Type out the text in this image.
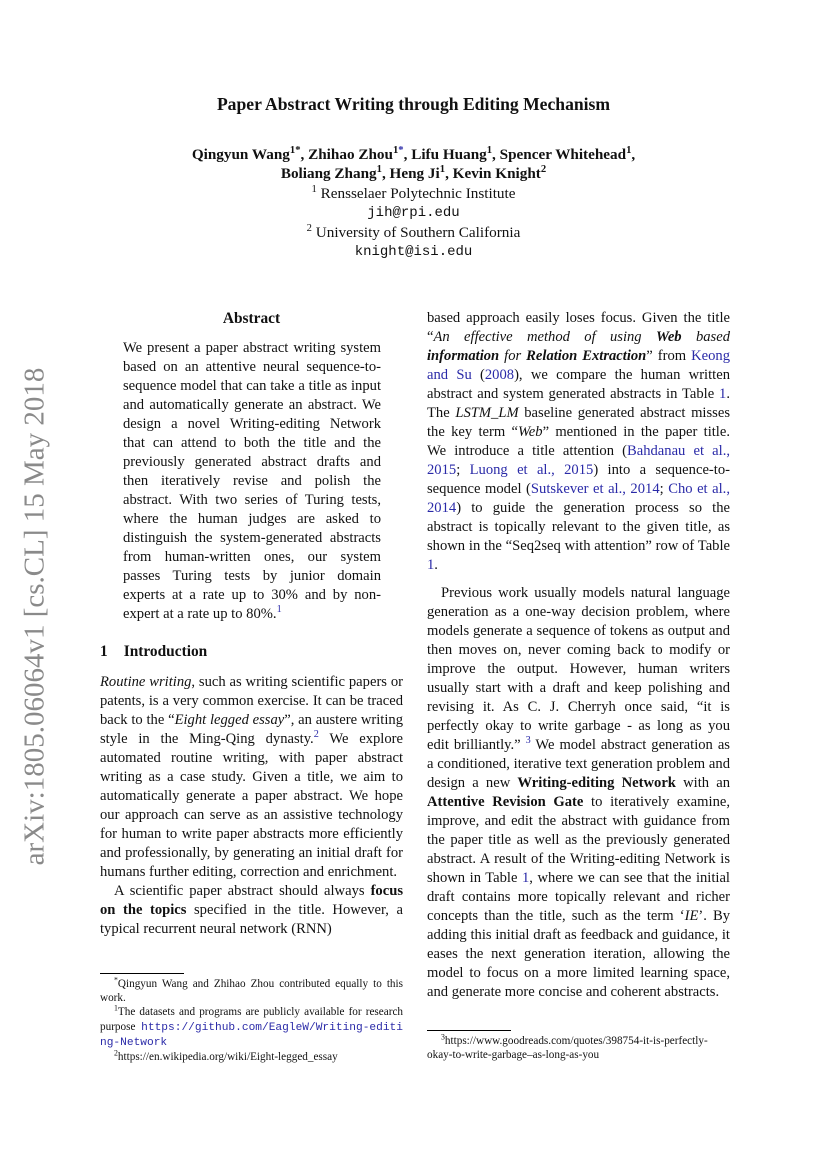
Paper Abstract Writing through Editing Mechanism
arXiv:1805.06064v1 [cs.CL] 15 May 2018
Qingyun Wang$^{1*}$, Zhihao Zhou$^{1*}$, Lifu Huang$^1$, Spencer Whitehead$^1$,
Boliang Zhang$^1$, Heng Ji$^1$, Kevin Knight$^2$
$^1$ Rensselaer Polytechnic Institute
jih@rpi.edu
$^2$ University of Southern California
knight@isi.edu
Abstract

We present a paper abstract writing system based on an attentive neural sequence-to-sequence model that can take a title as input and automatically generate an abstract. We design a novel Writing-editing Network that can attend to both the title and the previously generated abstract drafts and then iteratively revise and polish the abstract. With two series of Turing tests, where the human judges are asked to distinguish the system-generated abstracts from human-written ones, our system passes Turing tests by junior domain experts at a rate up to 30% and by non-expert at a rate up to 80%.$^1$

1 Introduction

Routine writing, such as writing scientific papers or patents, is a very common exercise. It can be traced back to the “Eight legged essay”, an austere writing style in the Ming-Qing dynasty.$^2$ We explore automated routine writing, with paper abstract writing as a case study. Given a title, we aim to automatically generate a paper abstract. We hope our approach can serve as an assistive technology for human to write paper abstracts more efficiently and professionally, by generating an initial draft for humans further editing, correction and enrichment.

A scientific paper abstract should always focus on the topics specified in the title. However, a typical recurrent neural network (RNN)

*Qingyun Wang and Zhihao Zhou contributed equally to this work.

$^1$The datasets and programs are publicly available for research purpose https://github.com/EagleW/Writing-editing-Network

$^2$https://en.wikipedia.org/wiki/Eight-legged_essay

based approach easily loses focus. Given the title “An effective method of using Web based information for Relation Extraction” from Keong and Su (2008), we compare the human written abstract and system generated abstracts in Table 1. The LSTM_LM baseline generated abstract misses the key term “Web” mentioned in the paper title. We introduce a title attention (Bahdanau et al., 2015; Luong et al., 2015) into a sequence-to-sequence model (Sutskever et al., 2014; Cho et al., 2014) to guide the generation process so the abstract is topically relevant to the given title, as shown in the “Seq2seq with attention” row of Table 1.

Previous work usually models natural language generation as a one-way decision problem, where models generate a sequence of tokens as output and then moves on, never coming back to modify or improve the output. However, human writers usually start with a draft and keep polishing and revising it. As C. J. Cherryh once said, “it is perfectly okay to write garbage - as long as you edit brilliantly.” $^3$ We model abstract generation as a conditioned, iterative text generation problem and design a new Writing-editing Network with an Attentive Revision Gate to iteratively examine, improve, and edit the abstract with guidance from the paper title as well as the previously generated abstract. A result of the Writing-editing Network is shown in Table 1, where we can see that the initial draft contains more topically relevant and richer concepts than the title, such as the term ‘IE’. By adding this initial draft as feedback and guidance, it eases the next generation iteration, allowing the model to focus on a more limited learning space, and generate more concise and coherent abstracts.

$^3$https://www.goodreads.com/quotes/398754-it-is-perfectly-okay-to-write-garbage–as-long-as-you
